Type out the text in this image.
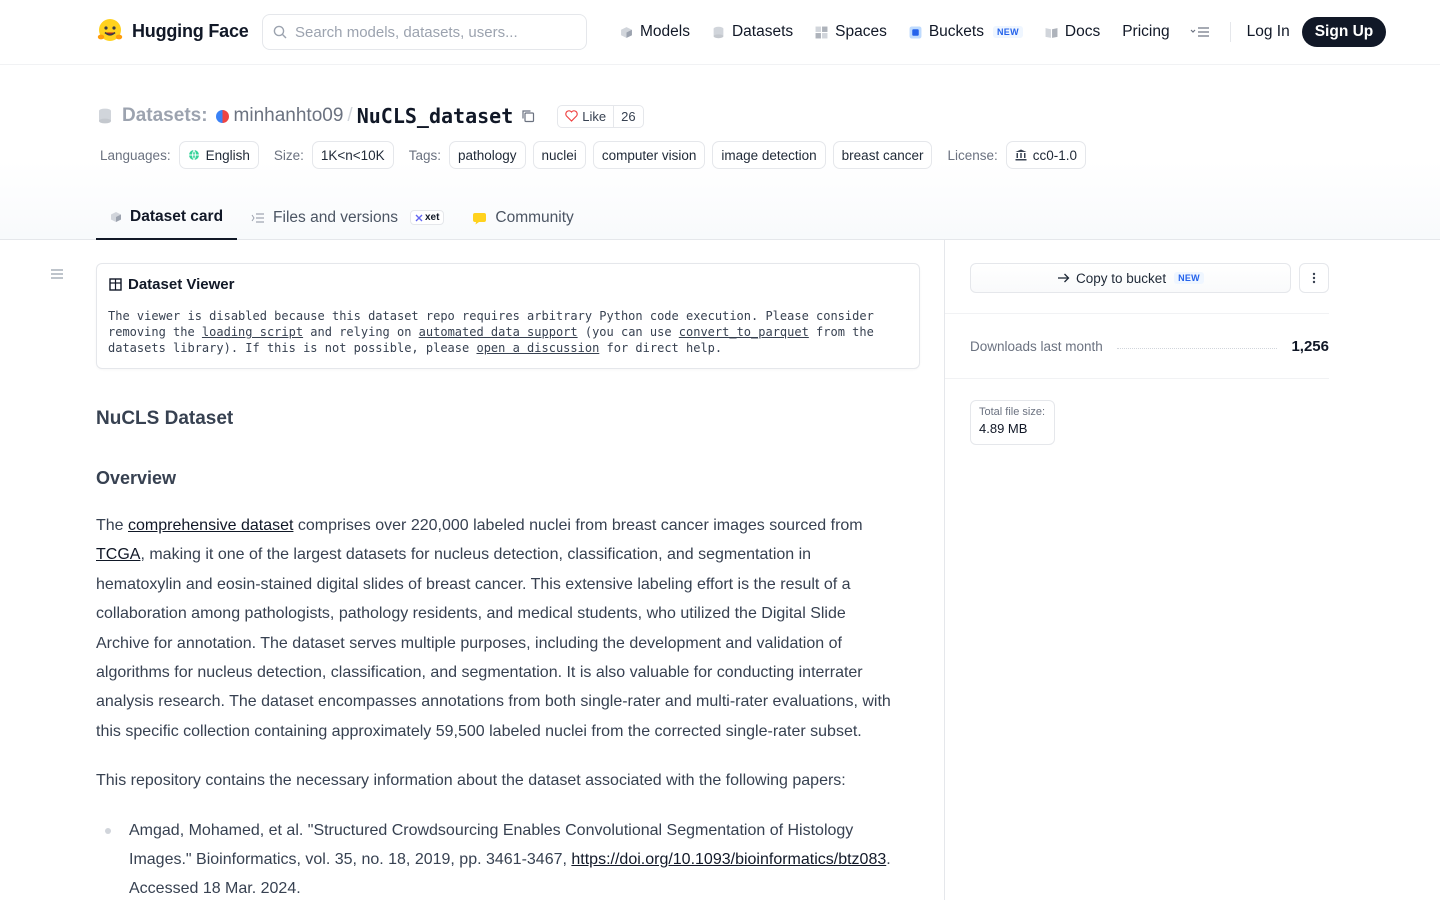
Hugging Face
Search models, datasets, users...	Models	Datasets	Spaces	Buckets	NEW	Docs Pricing	Log In	Sign Up
Datasets: minhanhto09 / NuCLS_dataset	Like	26
Languages:	English Size:	1K<n<10K	Tags:	pathology	nuclei	computer vision	image detection	breast cancer	License:	cc0-1.0
Dataset card	Files and versions	xet	Community
Dataset Viewer
The viewer is disabled because this dataset repo requires arbitrary Python code execution. Please consider removing the loading script and relying on automated data support (you can use convert_to_parquet from the datasets library). If this is not possible, please open a discussion for direct help.
NuCLS Dataset
Overview

The comprehensive dataset comprises over 220,000 labeled nuclei from breast cancer images sourced from TCGA, making it one of the largest datasets for nucleus detection, classification, and segmentation in hematoxylin and eosin-stained digital slides of breast cancer. This extensive labeling effort is the result of a collaboration among pathologists, pathology residents, and medical students, who utilized the Digital Slide Archive for annotation. The dataset serves multiple purposes, including the development and validation of algorithms for nucleus detection, classification, and segmentation. It is also valuable for conducting interrater analysis research. The dataset encompasses annotations from both single-rater and multi-rater evaluations, with this specific collection containing approximately 59,500 labeled nuclei from the corrected single-rater subset.

This repository contains the necessary information about the dataset associated with the following papers:

Amgad, Mohamed, et al. "Structured Crowdsourcing Enables Convolutional Segmentation of Histology Images." Bioinformatics, vol. 35, no. 18, 2019, pp. 3461-3467, https://doi.org/10.1093/bioinformatics/btz083. Accessed 18 Mar. 2024.
Copy to bucket	NEW
Downloads last month	1,256
Total file size:
4.89 MB
